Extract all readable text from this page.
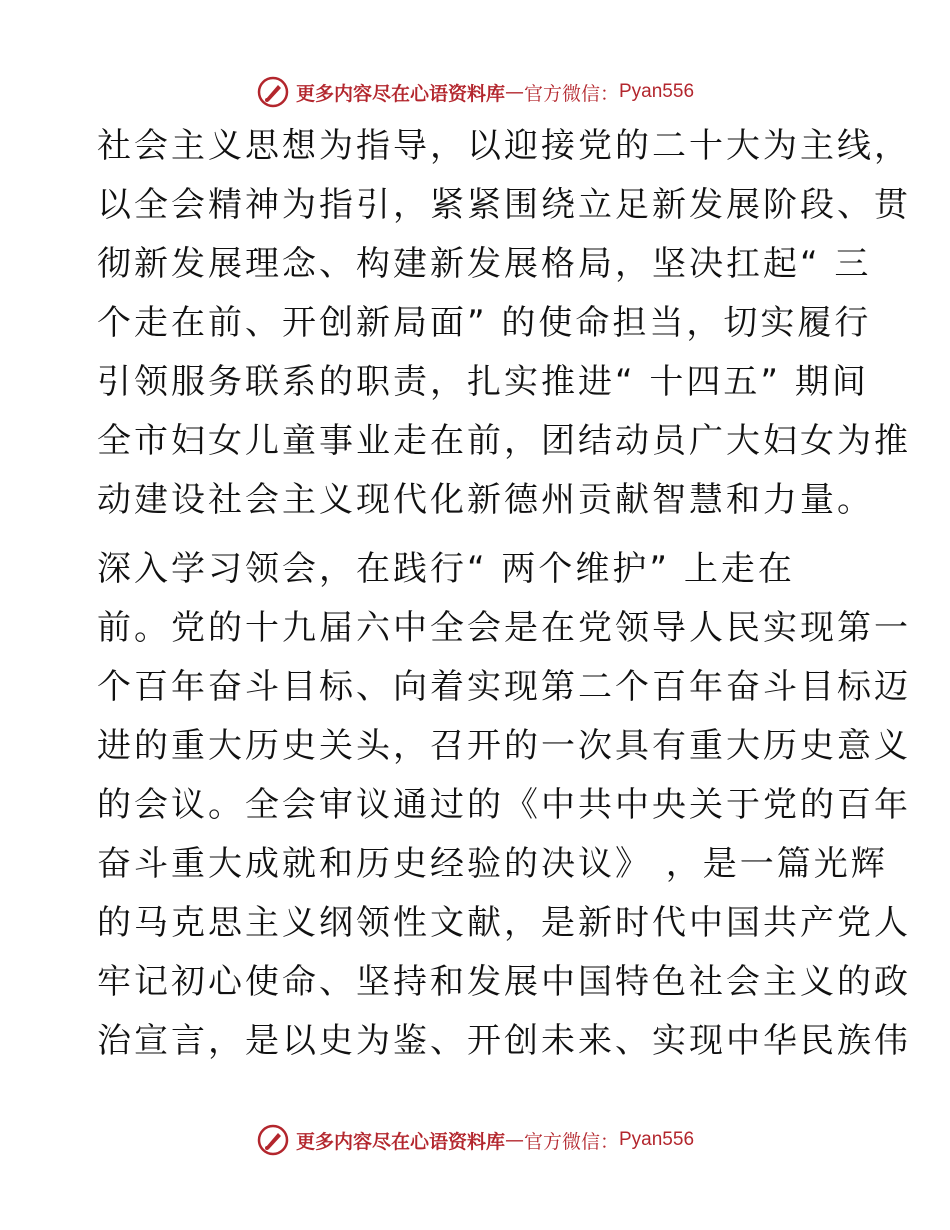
更多内容尽在心语资料库 — 官方微信： Pyan556
社会主义思想为指导，以迎接党的二十大为主线，
以全会精神为指引，紧紧围绕立足新发展阶段、贯
彻新发展理念、构建新发展格局，坚决扛起“ 三
个走在前、开创新局面” 的使命担当，切实履行
引领服务联系的职责，扎实推进“ 十四五” 期间
全市妇女儿童事业走在前，团结动员广大妇女为推
动建设社会主义现代化新德州贡献智慧和力量。
深入学习领会，在践行“ 两个维护” 上走在
前。党的十九届六中全会是在党领导人民实现第一
个百年奋斗目标、向着实现第二个百年奋斗目标迈
进的重大历史关头，召开的一次具有重大历史意义
的会议。全会审议通过的《中共中央关于党的百年
奋斗重大成就和历史经验的决议》 ，是一篇光辉
的马克思主义纲领性文献，是新时代中国共产党人
牢记初心使命、坚持和发展中国特色社会主义的政
治宣言，是以史为鉴、开创未来、实现中华民族伟
更多内容尽在心语资料库 — 官方微信： Pyan556
